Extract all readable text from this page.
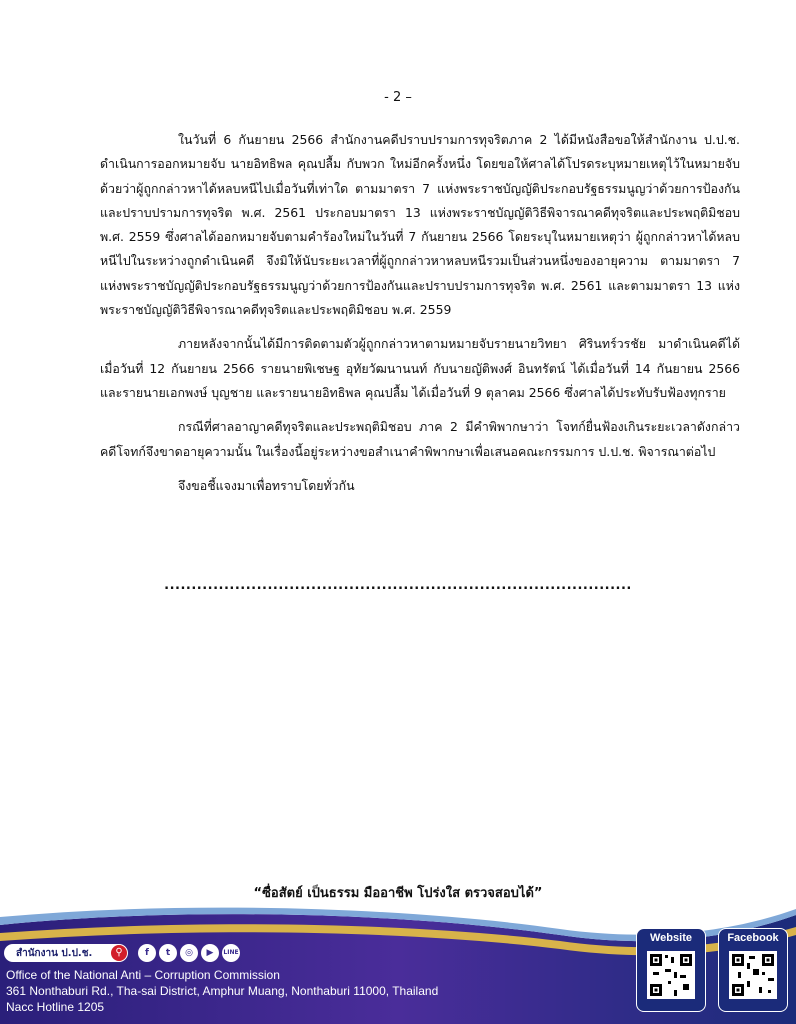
- 2 –

ในวันที่ 6 กันยายน 2566 สำนักงานคดีปราบปรามการทุจริตภาค 2 ได้มีหนังสือขอให้สำนักงาน ป.ป.ช. ดำเนินการออกหมายจับ นายอิทธิพล คุณปลื้ม กับพวก ใหม่อีกครั้งหนึ่ง โดยขอให้ศาลได้โปรดระบุหมายเหตุไว้ในหมายจับด้วยว่าผู้ถูกกล่าวหาได้หลบหนีไปเมื่อวันที่เท่าใด ตามมาตรา 7 แห่งพระราชบัญญัติประกอบรัฐธรรมนูญว่าด้วยการป้องกันและปราบปรามการทุจริต พ.ศ. 2561 ประกอบมาตรา 13 แห่งพระราชบัญญัติวิธีพิจารณาคดีทุจริตและประพฤติมิชอบ พ.ศ. 2559 ซึ่งศาลได้ออกหมายจับตามคำร้องใหม่ในวันที่ 7 กันยายน 2566 โดยระบุในหมายเหตุว่า ผู้ถูกกล่าวหาได้หลบหนีไปในระหว่างถูกดำเนินคดี จึงมิให้นับระยะเวลาที่ผู้ถูกกล่าวหาหลบหนีรวมเป็นส่วนหนึ่งของอายุความ ตามมาตรา 7 แห่งพระราชบัญญัติประกอบรัฐธรรมนูญว่าด้วยการป้องกันและปราบปรามการทุจริต พ.ศ. 2561 และตามมาตรา 13 แห่งพระราชบัญญัติวิธีพิจารณาคดีทุจริตและประพฤติมิชอบ พ.ศ. 2559

ภายหลังจากนั้นได้มีการติดตามตัวผู้ถูกกล่าวหาตามหมายจับรายนายวิทยา ศิรินทร์วรชัย มาดำเนินคดีได้เมื่อวันที่ 12 กันยายน 2566 รายนายพิเชษฐ อุทัยวัฒนานนท์ กับนายญัติพงศ์ อินทรัตน์ ได้เมื่อวันที่ 14 กันยายน 2566 และรายนายเอกพงษ์ บุญชาย และรายนายอิทธิพล คุณปลื้ม ได้เมื่อวันที่ 9 ตุลาคม 2566 ซึ่งศาลได้ประทับรับฟ้องทุกราย

กรณีที่ศาลอาญาคดีทุจริตและประพฤติมิชอบ ภาค 2 มีคำพิพากษาว่า โจทก์ยื่นฟ้องเกินระยะเวลาดังกล่าว คดีโจทก์จึงขาดอายุความนั้น ในเรื่องนี้อยู่ระหว่างขอสำเนาคำพิพากษาเพื่อเสนอคณะกรรมการ ป.ป.ช. พิจารณาต่อไป

จึงขอชี้แจงมาเพื่อทราบโดยทั่วกัน

......................................................................................
“ซื่อสัตย์ เป็นธรรม มืออาชีพ โปร่งใส ตรวจสอบได้”
สำนักงาน ป.ป.ช.	⚲	f	t	◎	▶	LINE
Office of the National Anti – Corruption Commission
361 Nonthaburi Rd., Tha-sai District, Amphur Muang, Nonthaburi 11000, Thailand
Nacc Hotline 1205
Website	Facebook
